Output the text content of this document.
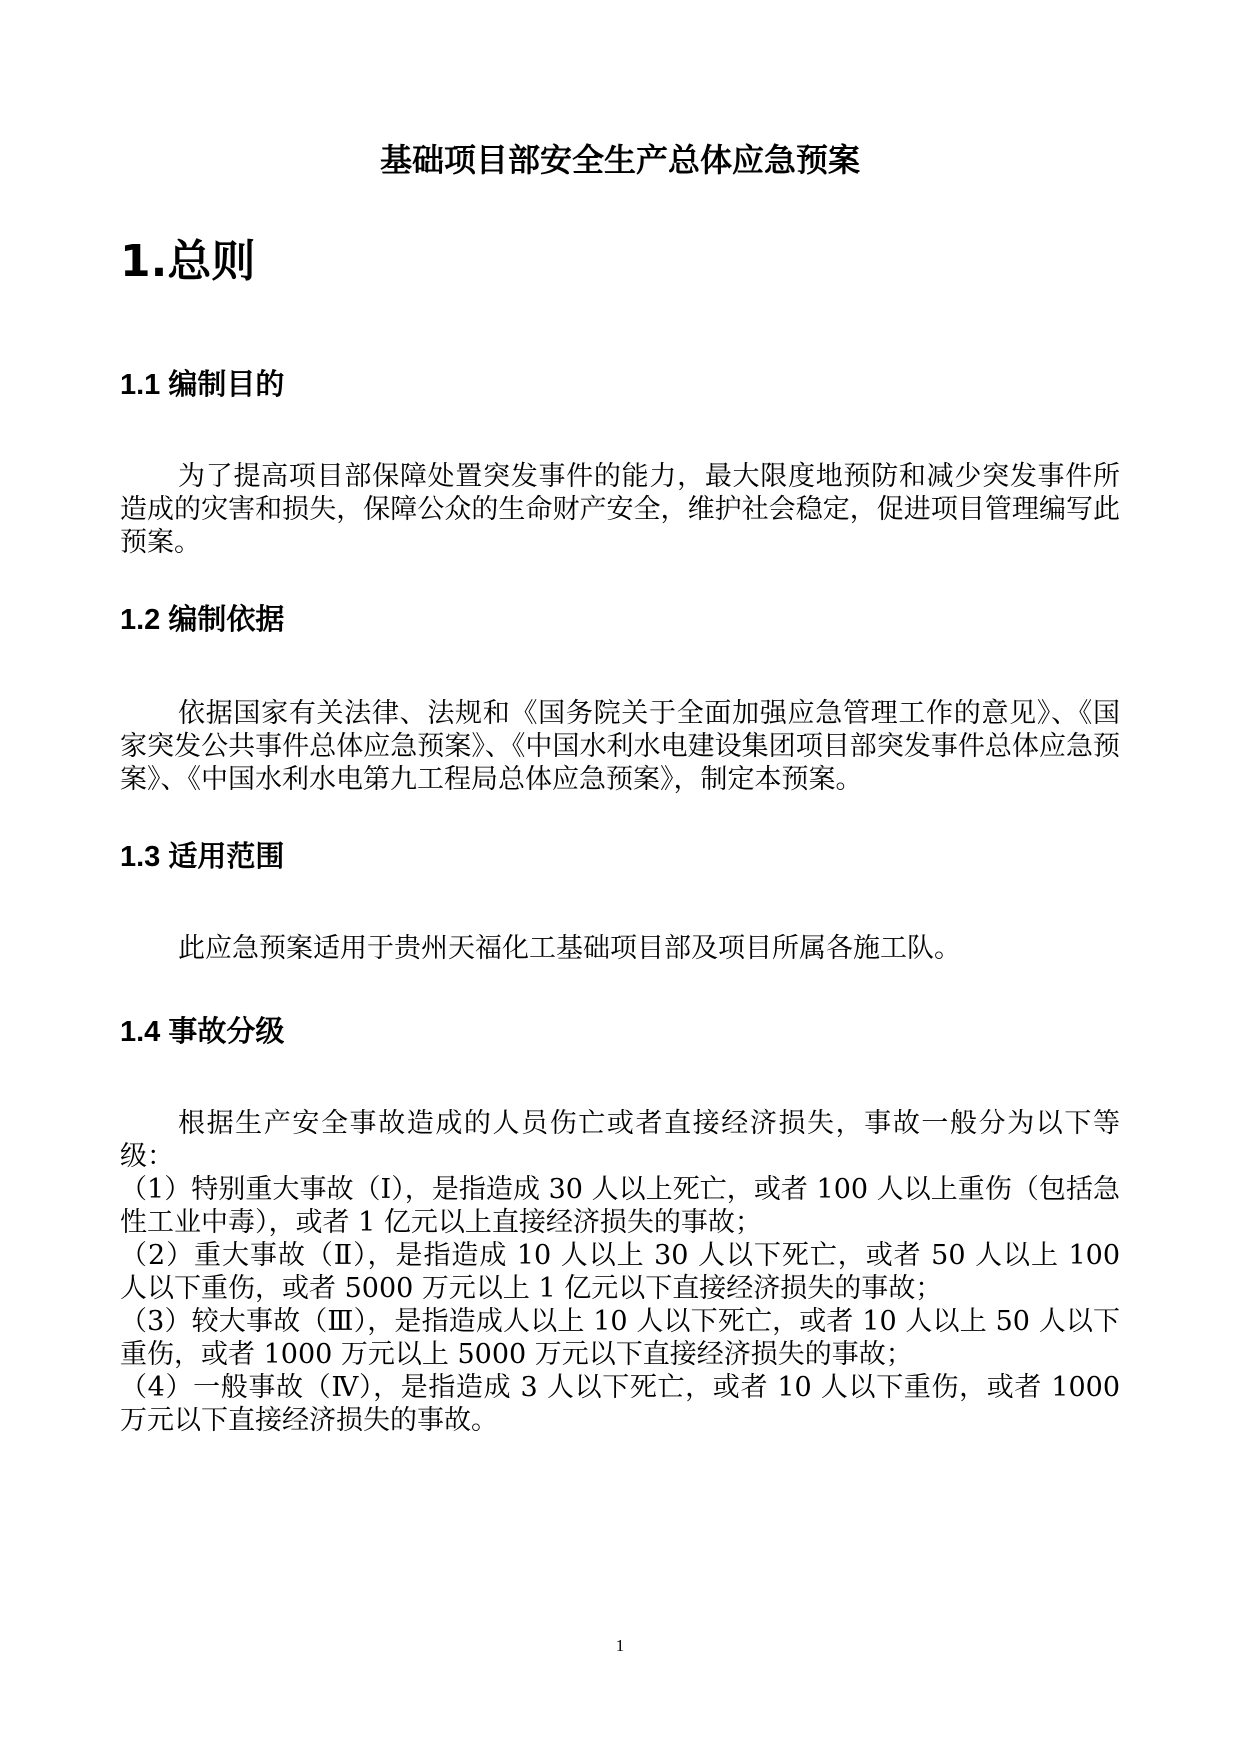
基础项目部安全生产总体应急预案
1.总则
1.1 编制目的

为了提高项目部保障处置突发事件的能力，最大限度地预防和减少突发事件所造成的灾害和损失，保障公众的生命财产安全，维护社会稳定，促进项目管理编写此预案。

1.2 编制依据

依据国家有关法律、法规和《国务院关于全面加强应急管理工作的意见》、《国家突发公共事件总体应急预案》、《中国水利水电建设集团项目部突发事件总体应急预案》、《中国水利水电第九工程局总体应急预案》，制定本预案。

1.3 适用范围

此应急预案适用于贵州天福化工基础项目部及项目所属各施工队。

1.4 事故分级
根据生产安全事故造成的人员伤亡或者直接经济损失，事故一般分为以下等级：
（1）特别重大事故（Ⅰ），是指造成 30 人以上死亡，或者 100 人以上重伤（包括急性工业中毒），或者 1 亿元以上直接经济损失的事故；
（2）重大事故（Ⅱ），是指造成 10 人以上 30 人以下死亡，或者 50 人以上 100 人以下重伤，或者 5000 万元以上 1 亿元以下直接经济损失的事故；
（3）较大事故（Ⅲ），是指造成人以上 10 人以下死亡，或者 10 人以上 50 人以下重伤，或者 1000 万元以上 5000 万元以下直接经济损失的事故；
（4）一般事故（Ⅳ），是指造成 3 人以下死亡，或者 10 人以下重伤，或者 1000 万元以下直接经济损失的事故。

1
